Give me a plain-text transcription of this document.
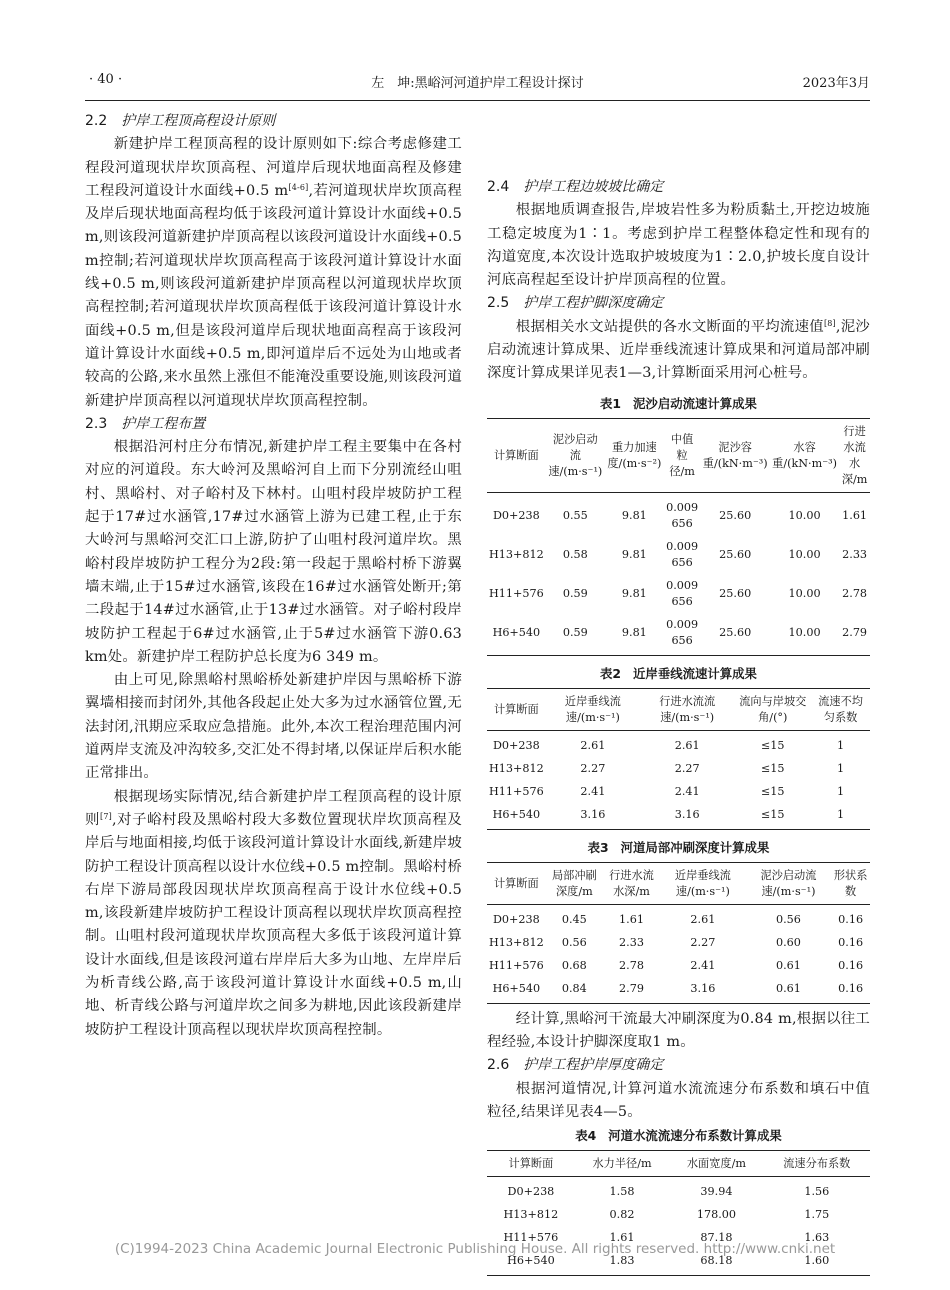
· 40 ·	左　坤:黑峪河河道护岸工程设计探讨	2023年3月
2.2 护岸工程顶高程设计原则

新建护岸工程顶高程的设计原则如下:综合考虑修建工程段河道现状岸坎顶高程、河道岸后现状地面高程及修建工程段河道设计水面线+0.5 m[4-6],若河道现状岸坎顶高程及岸后现状地面高程均低于该段河道计算设计水面线+0.5 m,则该段河道新建护岸顶高程以该段河道设计水面线+0.5 m控制;若河道现状岸坎顶高程高于该段河道计算设计水面线+0.5 m,则该段河道新建护岸顶高程以河道现状岸坎顶高程控制;若河道现状岸坎顶高程低于该段河道计算设计水面线+0.5 m,但是该段河道岸后现状地面高程高于该段河道计算设计水面线+0.5 m,即河道岸后不远处为山地或者较高的公路,来水虽然上涨但不能淹没重要设施,则该段河道新建护岸顶高程以河道现状岸坎顶高程控制。

2.3 护岸工程布置

根据沿河村庄分布情况,新建护岸工程主要集中在各村对应的河道段。东大岭河及黑峪河自上而下分别流经山咀村、黑峪村、对子峪村及下林村。山咀村段岸坡防护工程起于17#过水涵管,17#过水涵管上游为已建工程,止于东大岭河与黑峪河交汇口上游,防护了山咀村段河道岸坎。黑峪村段岸坡防护工程分为2段:第一段起于黑峪村桥下游翼墙末端,止于15#过水涵管,该段在16#过水涵管处断开;第二段起于14#过水涵管,止于13#过水涵管。对子峪村段岸坡防护工程起于6#过水涵管,止于5#过水涵管下游0.63 km处。新建护岸工程防护总长度为6 349 m。

由上可见,除黑峪村黑峪桥处新建护岸因与黑峪桥下游翼墙相接而封闭外,其他各段起止处大多为过水涵管位置,无法封闭,汛期应采取应急措施。此外,本次工程治理范围内河道两岸支流及冲沟较多,交汇处不得封堵,以保证岸后积水能正常排出。

根据现场实际情况,结合新建护岸工程顶高程的设计原则[7],对子峪村段及黑峪村段大多数位置现状岸坎顶高程及岸后与地面相接,均低于该段河道计算设计水面线,新建岸坡防护工程设计顶高程以设计水位线+0.5 m控制。黑峪村桥右岸下游局部段因现状岸坎顶高程高于设计水位线+0.5 m,该段新建岸坡防护工程设计顶高程以现状岸坎顶高程控制。山咀村段河道现状岸坎顶高程大多低于该段河道计算设计水面线,但是该段河道右岸岸后大多为山地、左岸岸后为析青线公路,高于该段河道计算设计水面线+0.5 m,山地、析青线公路与河道岸坎之间多为耕地,因此该段新建岸坡防护工程设计顶高程以现状岸坎顶高程控制。

2.4 护岸工程边坡坡比确定

根据地质调查报告,岸坡岩性多为粉质黏土,开挖边坡施工稳定坡度为1∶1。考虑到护岸工程整体稳定性和现有的沟道宽度,本次设计选取护坡坡度为1∶2.0,护坡长度自设计河底高程起至设计护岸顶高程的位置。

2.5 护岸工程护脚深度确定

根据相关水文站提供的各水文断面的平均流速值[8],泥沙启动流速计算成果、近岸垂线流速计算成果和河道局部冲刷深度计算成果详见表1—3,计算断面采用河心桩号。

表1 泥沙启动流速计算成果
计算断面	泥沙启动流速/(m·s⁻¹)	重力加速度/(m·s⁻²)	中值粒径/m	泥沙容重/(kN·m⁻³)	水容重/(kN·m⁻³)	行进水流水深/m
D0+238	0.55	9.81	0.009 656	25.60	10.00	1.61
H13+812	0.58	9.81	0.009 656	25.60	10.00	2.33
H11+576	0.59	9.81	0.009 656	25.60	10.00	2.78
H6+540	0.59	9.81	0.009 656	25.60	10.00	2.79
表2 近岸垂线流速计算成果
计算断面	近岸垂线流速/(m·s⁻¹)	行进水流流速/(m·s⁻¹)	流向与岸坡交角/(°)	流速不均匀系数
D0+238	2.61	2.61	≤15	1
H13+812	2.27	2.27	≤15	1
H11+576	2.41	2.41	≤15	1
H6+540	3.16	3.16	≤15	1
表3 河道局部冲刷深度计算成果
计算断面	局部冲刷深度/m	行进水流水深/m	近岸垂线流速/(m·s⁻¹)	泥沙启动流速/(m·s⁻¹)	形状系数
D0+238	0.45	1.61	2.61	0.56	0.16
H13+812	0.56	2.33	2.27	0.60	0.16
H11+576	0.68	2.78	2.41	0.61	0.16
H6+540	0.84	2.79	3.16	0.61	0.16

经计算,黑峪河干流最大冲刷深度为0.84 m,根据以往工程经验,本设计护脚深度取1 m。

2.6 护岸工程护岸厚度确定

根据河道情况,计算河道水流流速分布系数和填石中值粒径,结果详见表4—5。

表4 河道水流流速分布系数计算成果
计算断面	水力半径/m	水面宽度/m	流速分布系数
D0+238	1.58	39.94	1.56
H13+812	0.82	178.00	1.75
H11+576	1.61	87.18	1.63
H6+540	1.83	68.18	1.60
(C)1994-2023 China Academic Journal Electronic Publishing House. All rights reserved. http://www.cnki.net
